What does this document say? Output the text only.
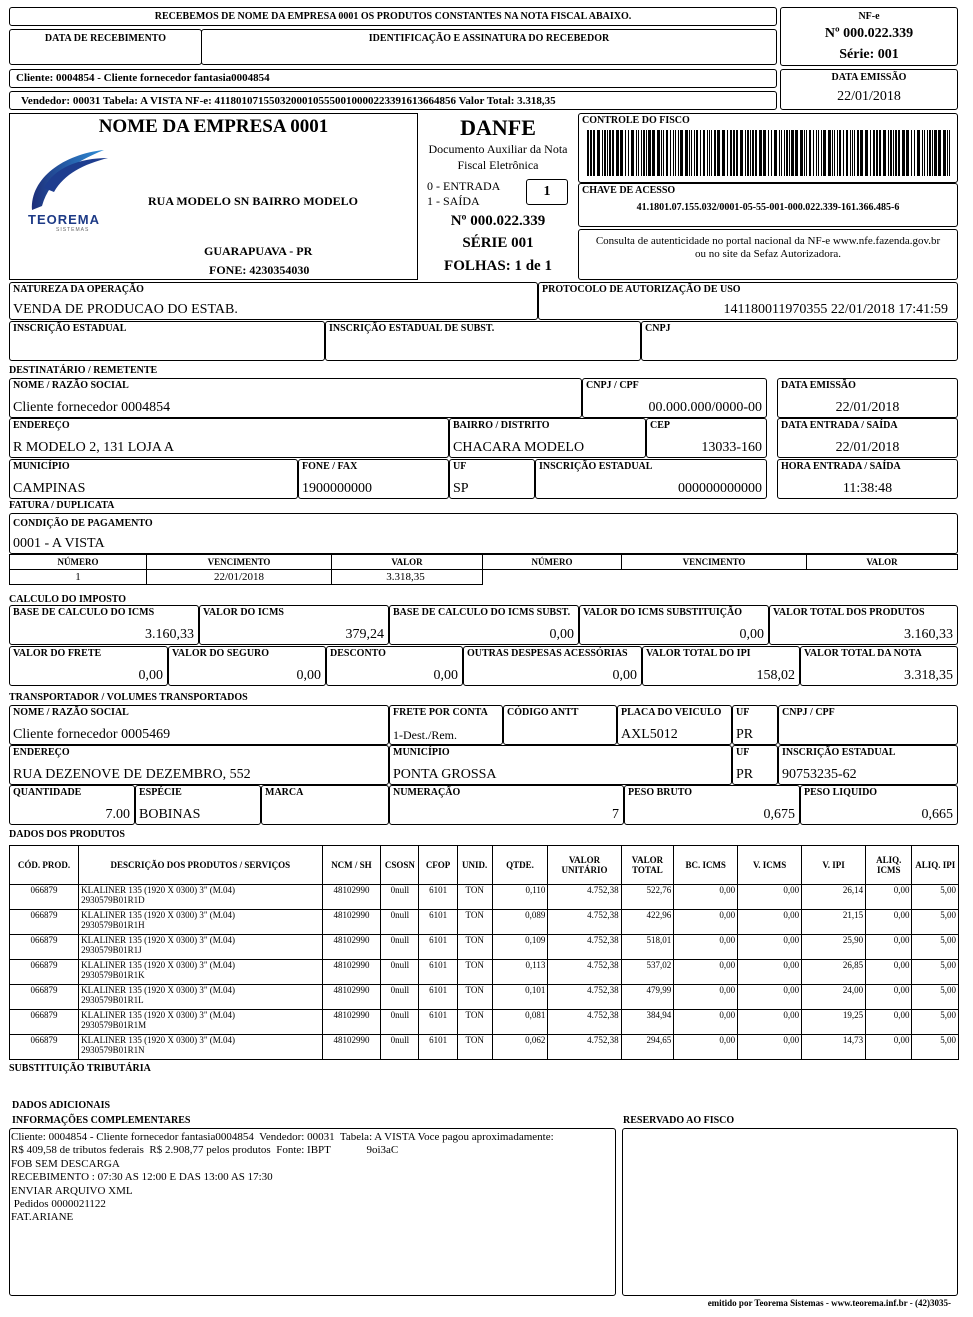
RECEBEMOS DE NOME DA EMPRESA 0001 OS PRODUTOS CONSTANTES NA NOTA FISCAL ABAIXO.
DATA DE RECEBIMENTO	IDENTIFICAÇÃO E ASSINATURA DO RECEBEDOR
Cliente: 0004854 - Cliente fornecedor fantasia0004854
Vendedor: 00031 Tabela: A VISTA NF-e: 41180107155032000105550010000223391613664856 Valor Total: 3.318,35
NF-e
Nº 000.022.339
Série: 001
DATA EMISSÃO
22/01/2018
NOME DA EMPRESA 0001
TEOREMA
SISTEMAS
RUA MODELO SN BAIRRO MODELO
GUARAPUAVA - PR
FONE: 4230354030
DANFE
Documento Auxiliar da Nota
Fiscal Eletrônica
0 - ENTRADA
1 - SAÍDA
1
Nº 000.022.339
SÉRIE 001
FOLHAS: 1 de 1
CONTROLE DO FISCO
CHAVE DE ACESSO
41.1801.07.155.032/0001-05-55-001-000.022.339-161.366.485-6
Consulta de autenticidade no portal nacional da NF-e www.nfe.fazenda.gov.br
ou no site da Sefaz Autorizadora.
NATUREZA DA OPERAÇÃO
VENDA DE PRODUCAO DO ESTAB.
PROTOCOLO DE AUTORIZAÇÃO DE USO
141180011970355 22/01/2018 17:41:59
INSCRIÇÃO ESTADUAL	INSCRIÇÃO ESTADUAL DE SUBST.	CNPJ
DESTINATÁRIO / REMETENTE
NOME / RAZÃO SOCIAL
Cliente fornecedor 0004854
CNPJ / CPF
00.000.000/0000-00
DATA EMISSÃO
22/01/2018
ENDEREÇO
R MODELO 2, 131 LOJA A
BAIRRO / DISTRITO
CHACARA MODELO
CEP
13033-160
DATA ENTRADA / SAÍDA
22/01/2018
MUNICÍPIO
CAMPINAS
FONE / FAX
1900000000
UF
SP
INSCRIÇÃO ESTADUAL
000000000000
HORA ENTRADA / SAÍDA
11:38:48
FATURA / DUPLICATA
CONDIÇÃO DE PAGAMENTO
0001 - A VISTA
NÚMERO	VENCIMENTO	VALOR	NÚMERO	VENCIMENTO	VALOR
1	22/01/2018	3.318,35			
CALCULO DO IMPOSTO
BASE DE CALCULO DO ICMS
3.160,33
VALOR DO ICMS
379,24
BASE DE CALCULO DO ICMS SUBST.
0,00
VALOR DO ICMS SUBSTITUIÇÃO
0,00
VALOR TOTAL DOS PRODUTOS
3.160,33
VALOR DO FRETE
0,00
VALOR DO SEGURO
0,00
DESCONTO
0,00
OUTRAS DESPESAS ACESSÓRIAS
0,00
VALOR TOTAL DO IPI
158,02
VALOR TOTAL DA NOTA
3.318,35
TRANSPORTADOR / VOLUMES TRANSPORTADOS
NOME / RAZÃO SOCIAL
Cliente fornecedor 0005469
FRETE POR CONTA
1-Dest./Rem.
CÓDIGO ANTT	PLACA DO VEICULO
AXL5012
UF
PR
CNPJ / CPF
ENDEREÇO
RUA DEZENOVE DE DEZEMBRO, 552
MUNICÍPIO
PONTA GROSSA
UF
PR
INSCRIÇÃO ESTADUAL
90753235-62
QUANTIDADE
7.00
ESPÉCIE
BOBINAS
MARCA	NUMERAÇÃO
7
PESO BRUTO
0,675
PESO LIQUIDO
0,665
DADOS DOS PRODUTOS
CÓD. PROD.	DESCRIÇÃO DOS PRODUTOS / SERVIÇOS	NCM / SH	CSOSN	CFOP	UNID.	QTDE.	VALOR UNITÁRIO	VALOR TOTAL	BC. ICMS	V. ICMS	V. IPI	ALIQ. ICMS	ALIQ. IPI
066879	KLALINER 135 (1920 X 0300) 3" (M.04)
2930579B01R1D	48102990	0null	6101	TON	0,110	4.752,38	522,76	0,00	0,00	26,14	0,00	5,00
066879	KLALINER 135 (1920 X 0300) 3" (M.04)
2930579B01R1H	48102990	0null	6101	TON	0,089	4.752,38	422,96	0,00	0,00	21,15	0,00	5,00
066879	KLALINER 135 (1920 X 0300) 3" (M.04)
2930579B01R1J	48102990	0null	6101	TON	0,109	4.752,38	518,01	0,00	0,00	25,90	0,00	5,00
066879	KLALINER 135 (1920 X 0300) 3" (M.04)
2930579B01R1K	48102990	0null	6101	TON	0,113	4.752,38	537,02	0,00	0,00	26,85	0,00	5,00
066879	KLALINER 135 (1920 X 0300) 3" (M.04)
2930579B01R1L	48102990	0null	6101	TON	0,101	4.752,38	479,99	0,00	0,00	24,00	0,00	5,00
066879	KLALINER 135 (1920 X 0300) 3" (M.04)
2930579B01R1M	48102990	0null	6101	TON	0,081	4.752,38	384,94	0,00	0,00	19,25	0,00	5,00
066879	KLALINER 135 (1920 X 0300) 3" (M.04)
2930579B01R1N	48102990	0null	6101	TON	0,062	4.752,38	294,65	0,00	0,00	14,73	0,00	5,00
SUBSTITUIÇÃO TRIBUTÁRIA
DADOS ADICIONAIS
INFORMAÇÕES COMPLEMENTARES	RESERVADO AO FISCO
Cliente: 0004854 - Cliente fornecedor fantasia0004854  Vendedor: 00031  Tabela: A VISTA Voce pagou aproximadamente:
R$ 409,58 de tributos federais  R$ 2.908,77 pelos produtos  Fonte: IBPT             9oi3aC
FOB SEM DESCARGA
RECEBIMENTO : 07:30 AS 12:00 E DAS 13:00 AS 17:30
ENVIAR ARQUIVO XML
Pedidos 0000021122
FAT.ARIANE
emitido por Teorema Sistemas - www.teorema.inf.br - (42)3035-
